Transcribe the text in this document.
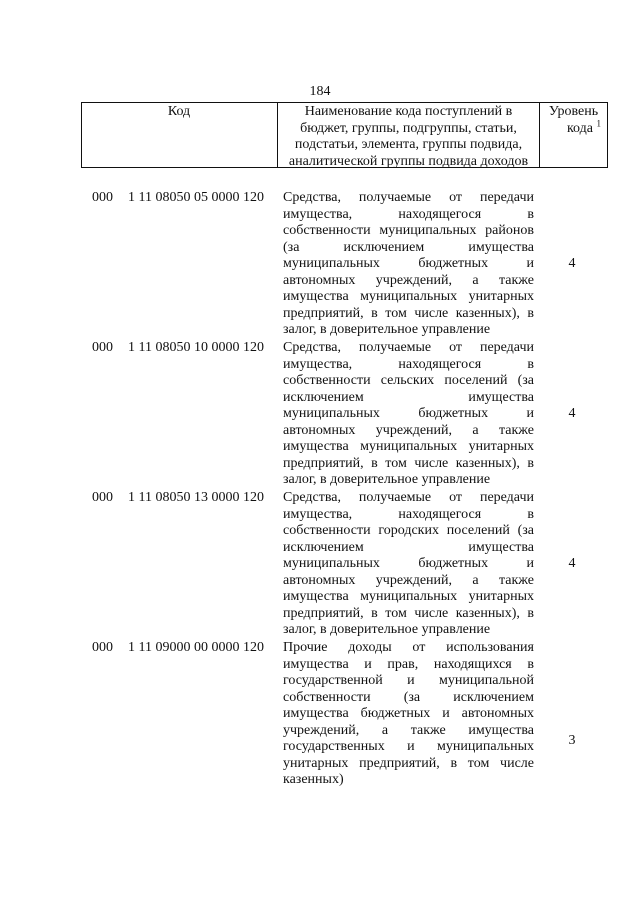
184
Код	Наименование кода поступлений в
бюджет, группы, подгруппы, статьи,
подстатьи, элемента, группы подвида,
аналитической группы подвида доходов
Уровень
кода $^1$
000	1 11 08050 05 0000 120	Средства, получаемые от передачи
имущества, находящегося в
собственности муниципальных районов
(за исключением имущества
муниципальных бюджетных и
автономных учреждений, а также
имущества муниципальных унитарных
предприятий, в том числе казенных), в
залог, в доверительное управление
4
000	1 11 08050 10 0000 120	Средства, получаемые от передачи
имущества, находящегося в
собственности сельских поселений (за
исключением имущества
муниципальных бюджетных и
автономных учреждений, а также
имущества муниципальных унитарных
предприятий, в том числе казенных), в
залог, в доверительное управление
4
000	1 11 08050 13 0000 120	Средства, получаемые от передачи
имущества, находящегося в
собственности городских поселений (за
исключением имущества
муниципальных бюджетных и
автономных учреждений, а также
имущества муниципальных унитарных
предприятий, в том числе казенных), в
залог, в доверительное управление
4
000	1 11 09000 00 0000 120	Прочие доходы от использования
имущества и прав, находящихся в
государственной и муниципальной
собственности (за исключением
имущества бюджетных и автономных
учреждений, а также имущества
государственных и муниципальных
унитарных предприятий, в том числе
казенных)
3
